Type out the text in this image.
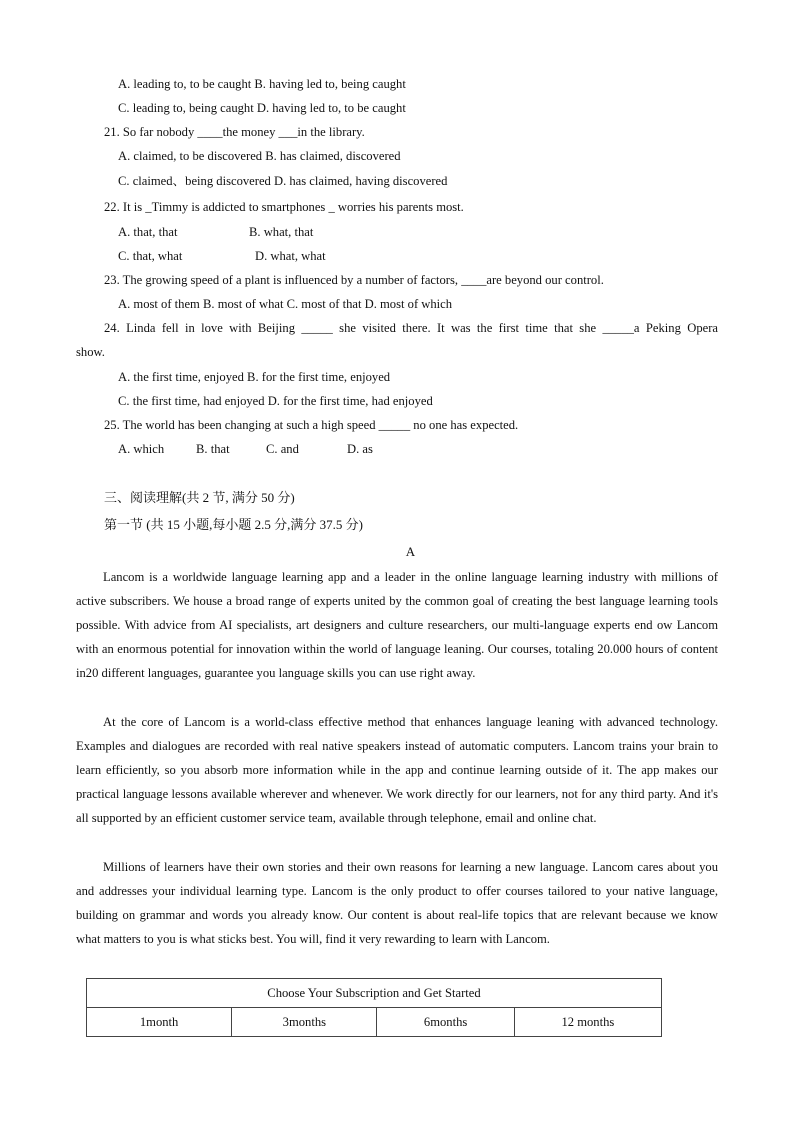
A. leading to, to be caught B. having led to, being caught
C. leading to, being caught D. having led to, to be caught
21. So far nobody ____the money ___in the library.
A. claimed, to be discovered B. has claimed, discovered
C. claimed、being discovered D. has claimed, having discovered
22. It is _Timmy is addicted to smartphones _ worries his parents most.
A. that, that	B. what, that
C. that, what	D. what, what
23. The growing speed of a plant is influenced by a number of factors, ____are beyond our control.
A. most of them B. most of what C. most of that D. most of which
24. Linda fell in love with Beijing _____ she visited there. It was the first time that she _____a Peking Opera
show.
A. the first time, enjoyed B. for the first time, enjoyed
C. the first time, had enjoyed D. for the first time, had enjoyed
25. The world has been changing at such a high speed _____ no one has expected.
A. which	B. that	C. and	D. as
三、阅读理解(共 2 节, 满分 50 分)
第一节 (共 15 小题,每小题 2.5 分,满分 37.5 分)
A
Lancom is a worldwide language learning app and a leader in the online language learning industry with millions of active subscribers. We house a broad range of experts united by the common goal of creating the best language learning tools possible. With advice from AI specialists, art designers and culture researchers, our multi-language experts end ow Lancom with an enormous potential for innovation within the world of language leaning. Our courses, totaling 20.000 hours of content in20 different languages, guarantee you language skills you can use right away.
At the core of Lancom is a world-class effective method that enhances language leaning with advanced technology. Examples and dialogues are recorded with real native speakers instead of automatic computers. Lancom trains your brain to learn efficiently, so you absorb more information while in the app and continue learning outside of it. The app makes our practical language lessons available wherever and whenever. We work directly for our learners, not for any third party. And it's all supported by an efficient customer service team, available through telephone, email and online chat.
Millions of learners have their own stories and their own reasons for learning a new language. Lancom cares about you and addresses your individual learning type. Lancom is the only product to offer courses tailored to your native language, building on grammar and words you already know. Our content is about real-life topics that are relevant because we know what matters to you is what sticks best. You will, find it very rewarding to learn with Lancom.
Choose Your Subscription and Get Started
1month	3months	6months	12 months
